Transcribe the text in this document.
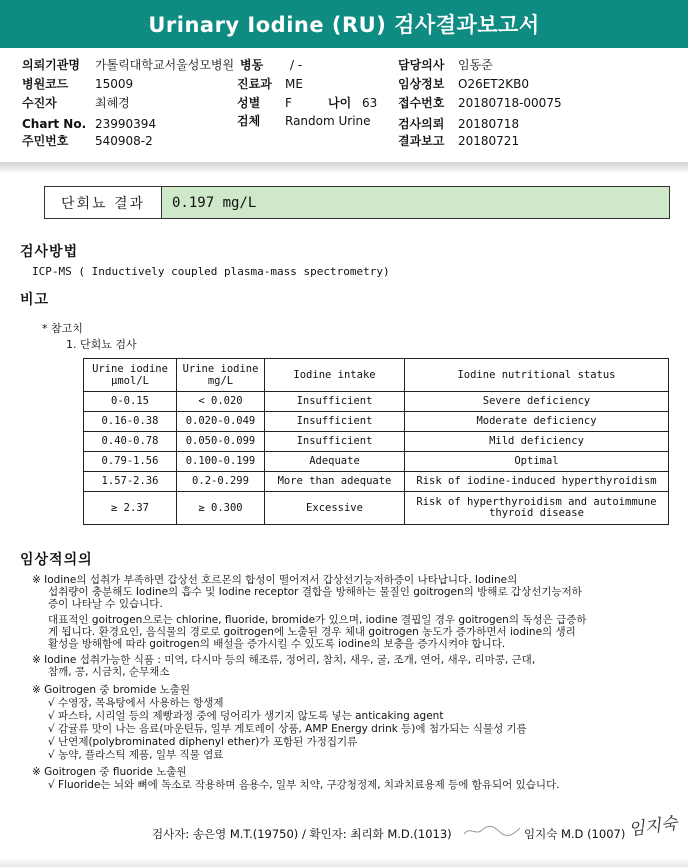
Urinary Iodine (RU) 검사결과보고서
의뢰기관명 가톨릭대학교서울성모병원 병동 / -	담당의사 임동준
병원코드 15009	진료과 ME	임상정보 O26ET2KB0
수진자	최혜경	성별 F	나이 63 접수번호 20180718-00075
Chart No. 23990394	검체 Random Urine 검사의뢰 20180718
주민번호 540908-2	결과보고 20180721
단회뇨 결과	0.197 mg/L
검사방법
ICP-MS ( Inductively coupled plasma-mass spectrometry)
비고
* 참고치
1. 단회뇨 검사
Urine iodine μmol/L	Urine iodine mg/L	Iodine intake	Iodine nutritional status
0-0.15	< 0.020	Insufficient	Severe deficiency
0.16-0.38	0.020-0.049	Insufficient	Moderate deficiency
0.40-0.78	0.050-0.099	Insufficient	Mild deficiency
0.79-1.56	0.100-0.199	Adequate	Optimal
1.57-2.36	0.2-0.299	More than adequate	Risk of iodine-induced hyperthyroidism
≥ 2.37	≥ 0.300	Excessive	Risk of hyperthyroidism and autoimmune thyroid disease
임상적의의
※ Iodine의 섭취가 부족하면 갑상선 호르몬의 합성이 떨어져서 갑상선기능저하증이 나타납니다. Iodine의
섭취량이 충분해도 Iodine의 흡수 및 Iodine receptor 결합을 방해하는 물질인 goitrogen의 방해로 갑상선기능저하
증이 나타날 수 있습니다.
대표적인 goitrogen으로는 chlorine, fluoride, bromide가 있으며, iodine 결핍일 경우 goitrogen의 독성은 급증하
게 됩니다. 환경요인, 음식물의 경로로 goitrogen에 노출된 경우 체내 goitrogen 농도가 증가하면서 iodine의 생리
활성을 방해함에 따라 goitrogen의 배설을 증가시킬 수 있도록 iodine의 보충을 증가시켜야 합니다.
※ Iodine 섭취가능한 식품 : 미역, 다시마 등의 해조류, 정어리, 참치, 새우, 굴, 조개, 연어, 새우, 리마콩, 근대,
참깨, 콩, 시금치, 순무채소
※ Goitrogen 중 bromide 노출원
√ 수영장, 목욕탕에서 사용하는 항생제
√ 파스타, 시리얼 등의 제빵과정 중에 덩어리가 생기지 않도록 넣는 anticaking agent
√ 감귤류 맛이 나는 음료(마운틴듀, 일부 게토레이 상품, AMP Energy drink 등)에 첨가되는 식물성 기름
√ 난연제(polybrominated diphenyl ether)가 포함된 가정집기류
√ 농약, 플라스틱 제품, 일부 직물 염료
※ Goitrogen 중 fluoride 노출원
√ Fluoride는 뇌와 뼈에 독소로 작용하며 음용수, 일부 치약, 구강청정제, 치과치료용제 등에 함유되어 있습니다.
검사자: 송은영 M.T.(19750) / 확인자: 최리화 M.D.(1013)	임지숙 M.D (1007) 임지숙
